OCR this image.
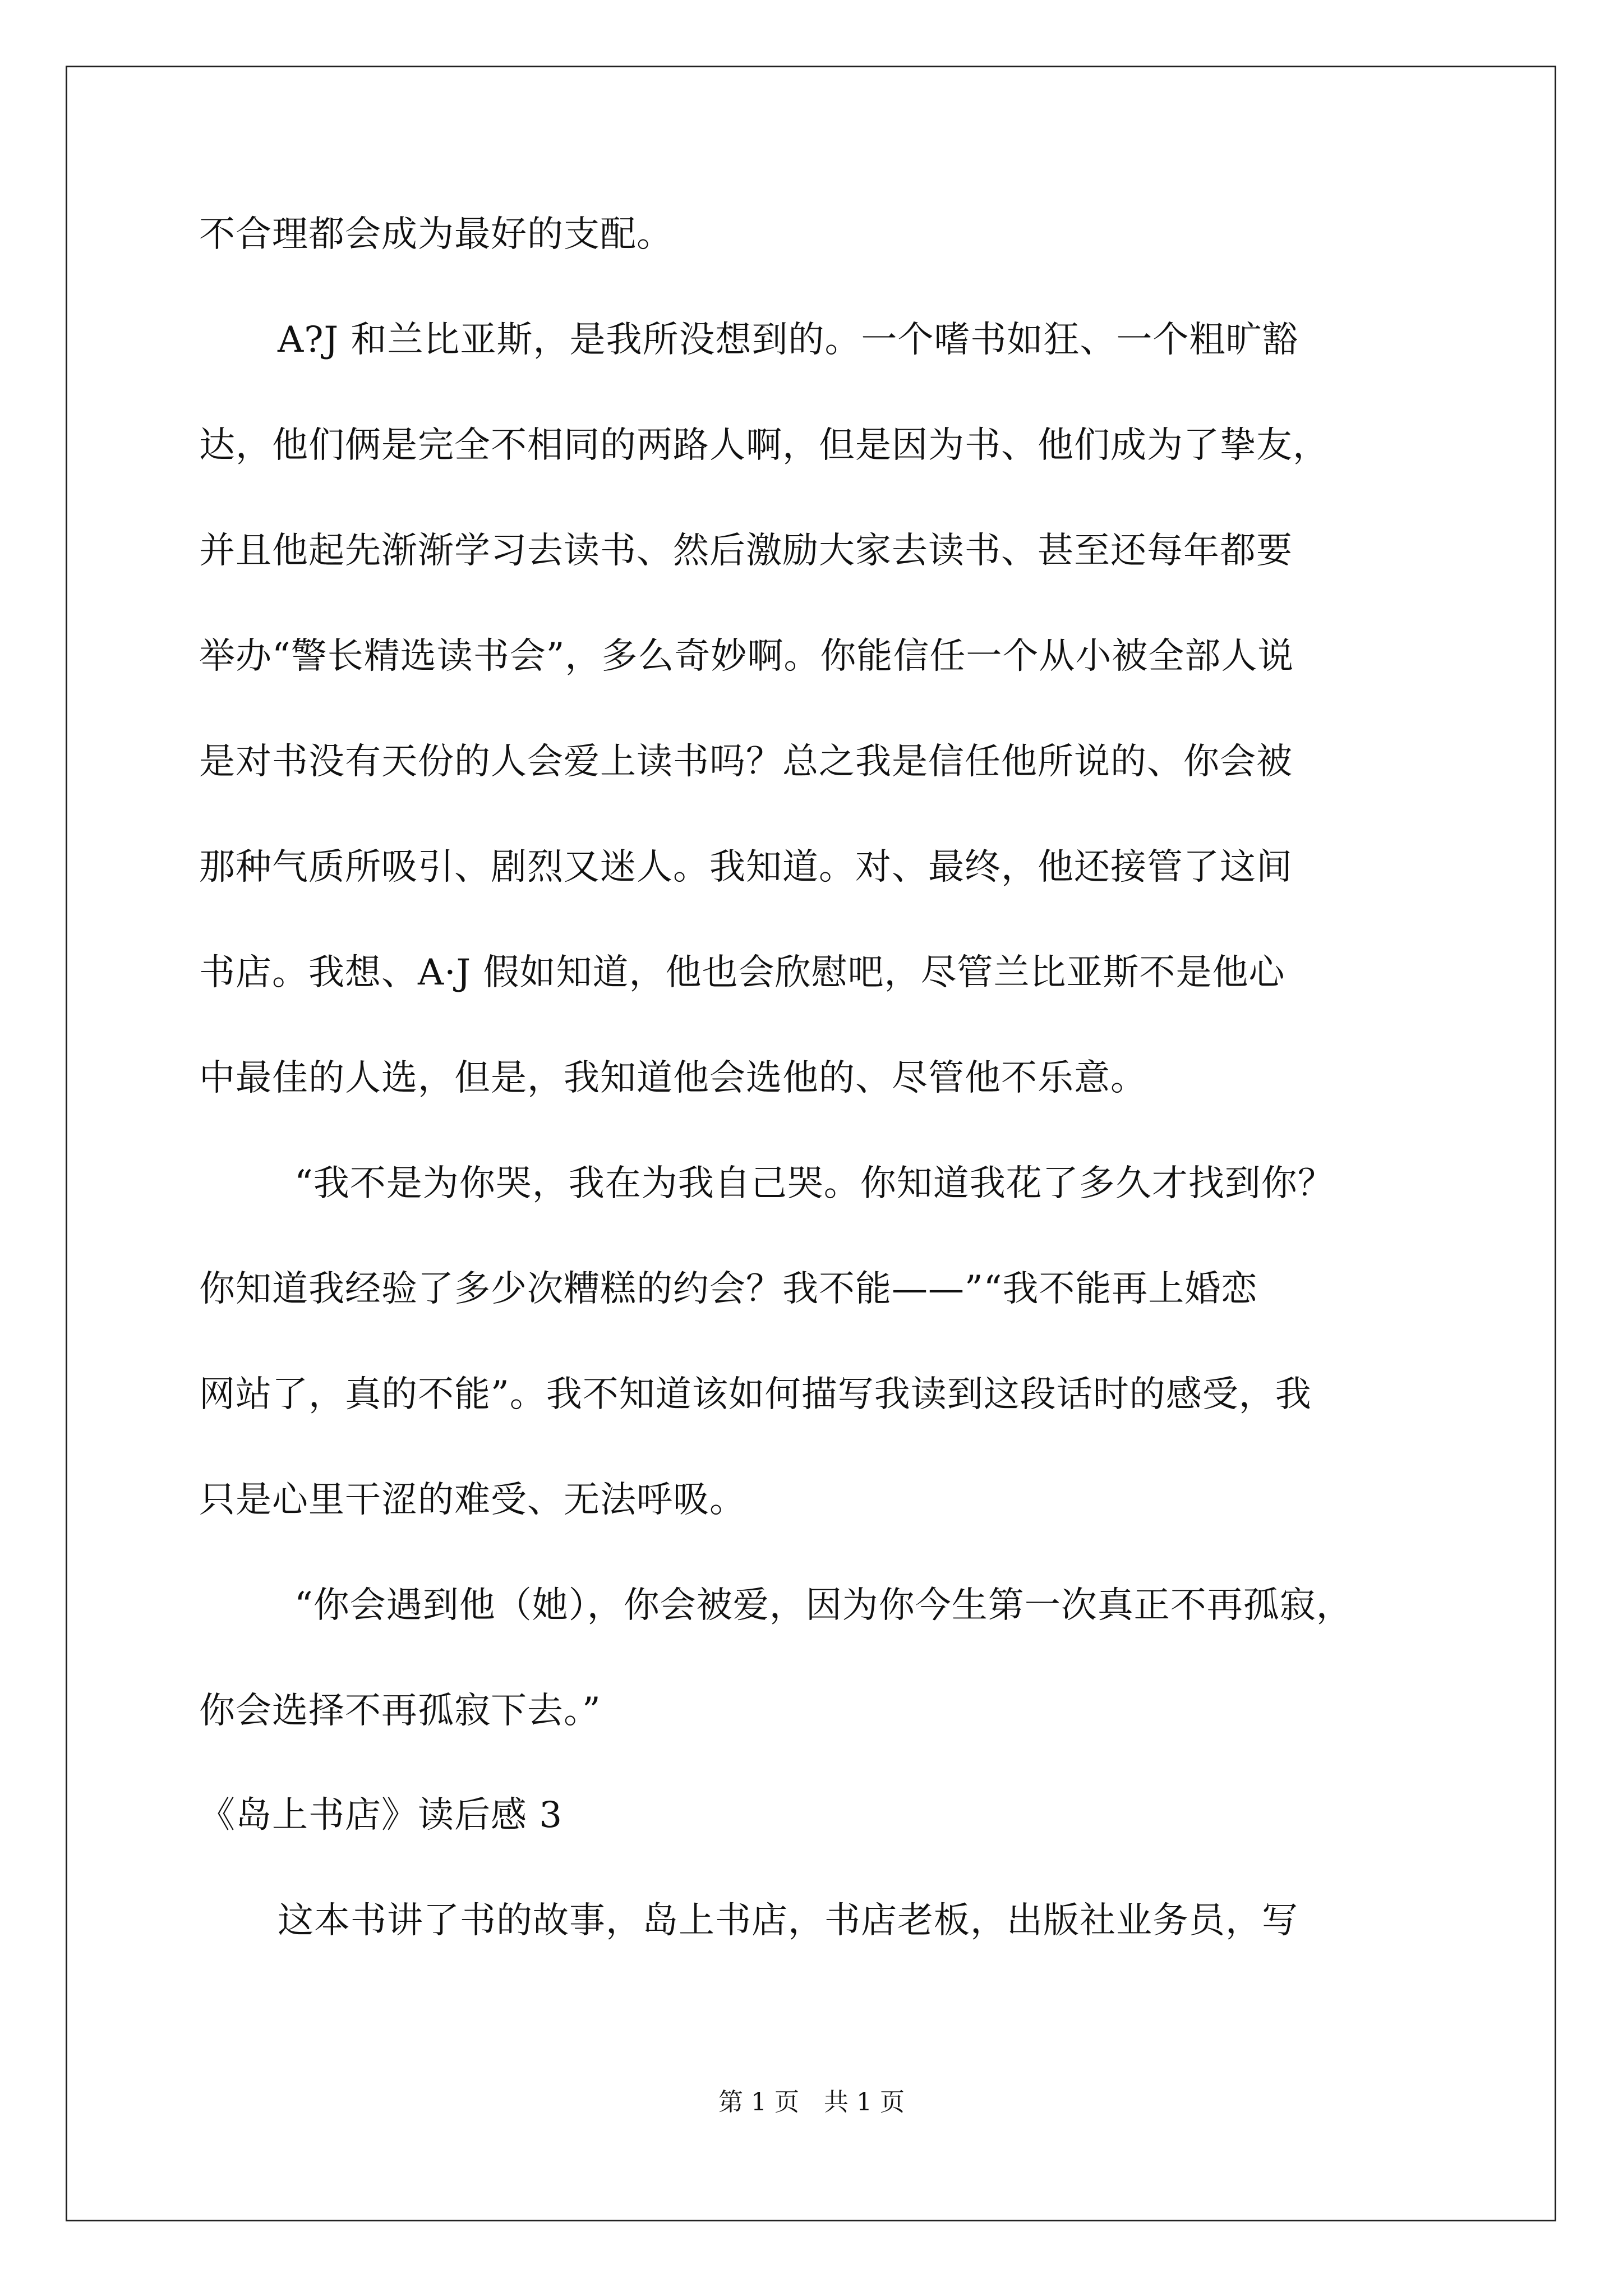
不合理都会成为最好的支配。
A?J 和兰比亚斯，是我所没想到的。一个嗜书如狂、一个粗旷豁
达，他们俩是完全不相同的两路人啊，但是因为书、他们成为了挚友，
并且他起先渐渐学习去读书、然后激励大家去读书、甚至还每年都要
举办“警长精选读书会”，多么奇妙啊。你能信任一个从小被全部人说
是对书没有天份的人会爱上读书吗？总之我是信任他所说的、你会被
那种气质所吸引、剧烈又迷人。我知道。对、最终，他还接管了这间
书店。我想、A·J 假如知道，他也会欣慰吧，尽管兰比亚斯不是他心
中最佳的人选，但是，我知道他会选他的、尽管他不乐意。
“我不是为你哭，我在为我自己哭。你知道我花了多久才找到你？
你知道我经验了多少次糟糕的约会？我不能——”“我不能再上婚恋
网站了，真的不能”。我不知道该如何描写我读到这段话时的感受，我
只是心里干涩的难受、无法呼吸。
“你会遇到他（她），你会被爱，因为你今生第一次真正不再孤寂，
你会选择不再孤寂下去。”
《岛上书店》读后感 3
这本书讲了书的故事，岛上书店，书店老板，出版社业务员，写
第 1 页　共 1 页
